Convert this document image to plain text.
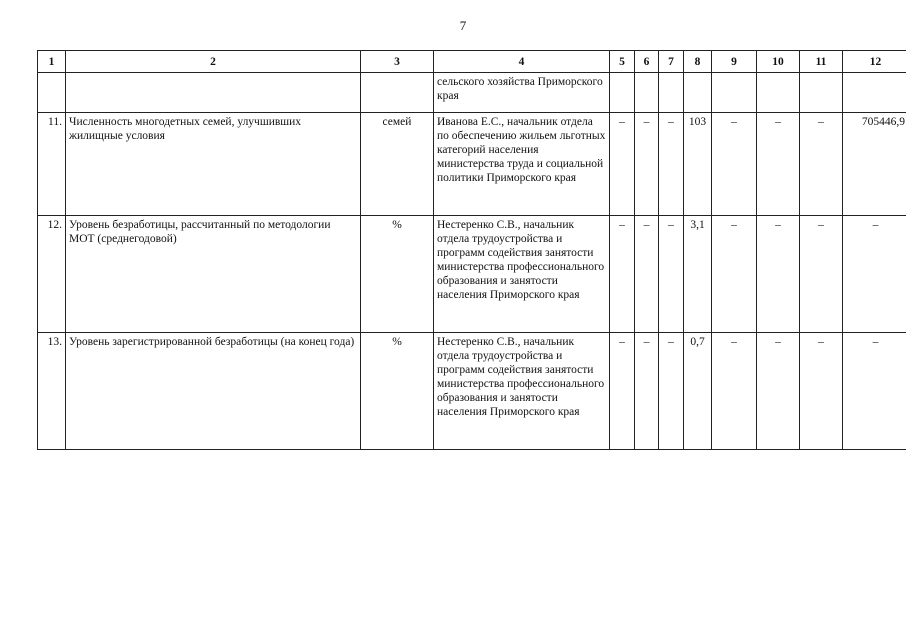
7
1	2	3	4	5	6	7	8	9	10	11	12
			сельского хозяйства Приморского края								
11.	Численность многодетных семей, улучшивших жилищные условия	семей	Иванова Е.С., начальник отдела по обеспечению жильем льготных категорий населения министерства труда и социальной политики Приморского края	–	–	–	103	–	–	–	705446,9
12.	Уровень безработицы, рассчитанный по методологии МОТ (среднегодовой)	%	Нестеренко С.В., начальник отдела трудоустройства и программ содействия занятости министерства профессионального образования и занятости населения Приморского края	–	–	–	3,1	–	–	–	–
13.	Уровень зарегистрированной безработицы (на конец года)	%	Нестеренко С.В., начальник отдела трудоустройства и программ содействия занятости министерства профессионального образования и занятости населения Приморского края	–	–	–	0,7	–	–	–	–
